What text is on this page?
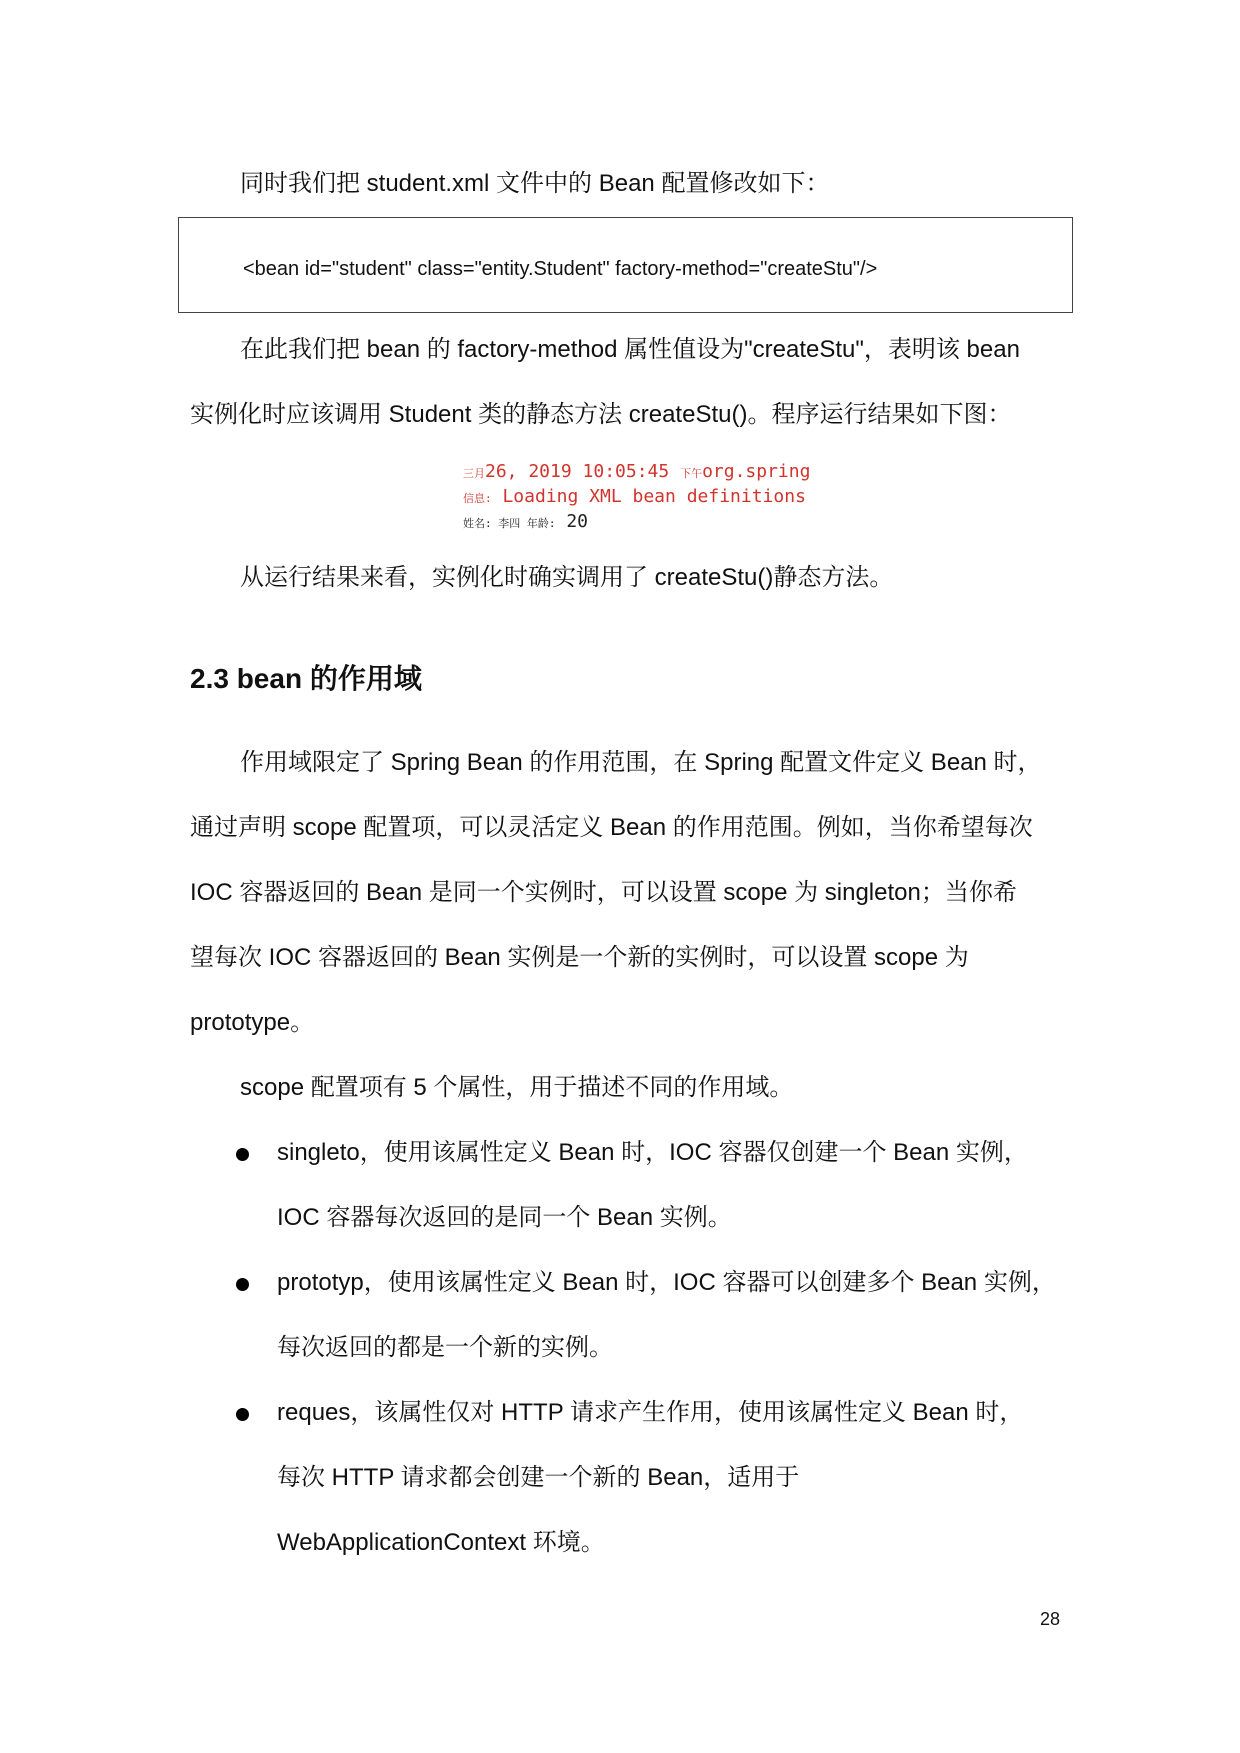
同时我们把 student.xml 文件中的 Bean 配置修改如下：
<bean id="student" class="entity.Student" factory-method="createStu"/>
在此我们把 bean 的 factory-method 属性值设为"createStu"，表明该 bean
实例化时应该调用 Student 类的静态方法 createStu()。程序运行结果如下图：
三月26, 2019 10:05:45 下午org.spring
信息: Loading XML bean definitions
姓名: 李四 年龄: 20
从运行结果来看，实例化时确实调用了 createStu()静态方法。
2.3 bean 的作用域
作用域限定了 Spring Bean 的作用范围，在 Spring 配置文件定义 Bean 时，
通过声明 scope 配置项，可以灵活定义 Bean 的作用范围。例如，当你希望每次
IOC 容器返回的 Bean 是同一个实例时，可以设置 scope 为 singleton；当你希
望每次 IOC 容器返回的 Bean 实例是一个新的实例时，可以设置 scope 为
prototype。
scope 配置项有 5 个属性，用于描述不同的作用域。
singleto，使用该属性定义 Bean 时，IOC 容器仅创建一个 Bean 实例，
IOC 容器每次返回的是同一个 Bean 实例。
prototyp，使用该属性定义 Bean 时，IOC 容器可以创建多个 Bean 实例，
每次返回的都是一个新的实例。
reques，该属性仅对 HTTP 请求产生作用，使用该属性定义 Bean 时，
每次 HTTP 请求都会创建一个新的 Bean，适用于
WebApplicationContext 环境。
28
